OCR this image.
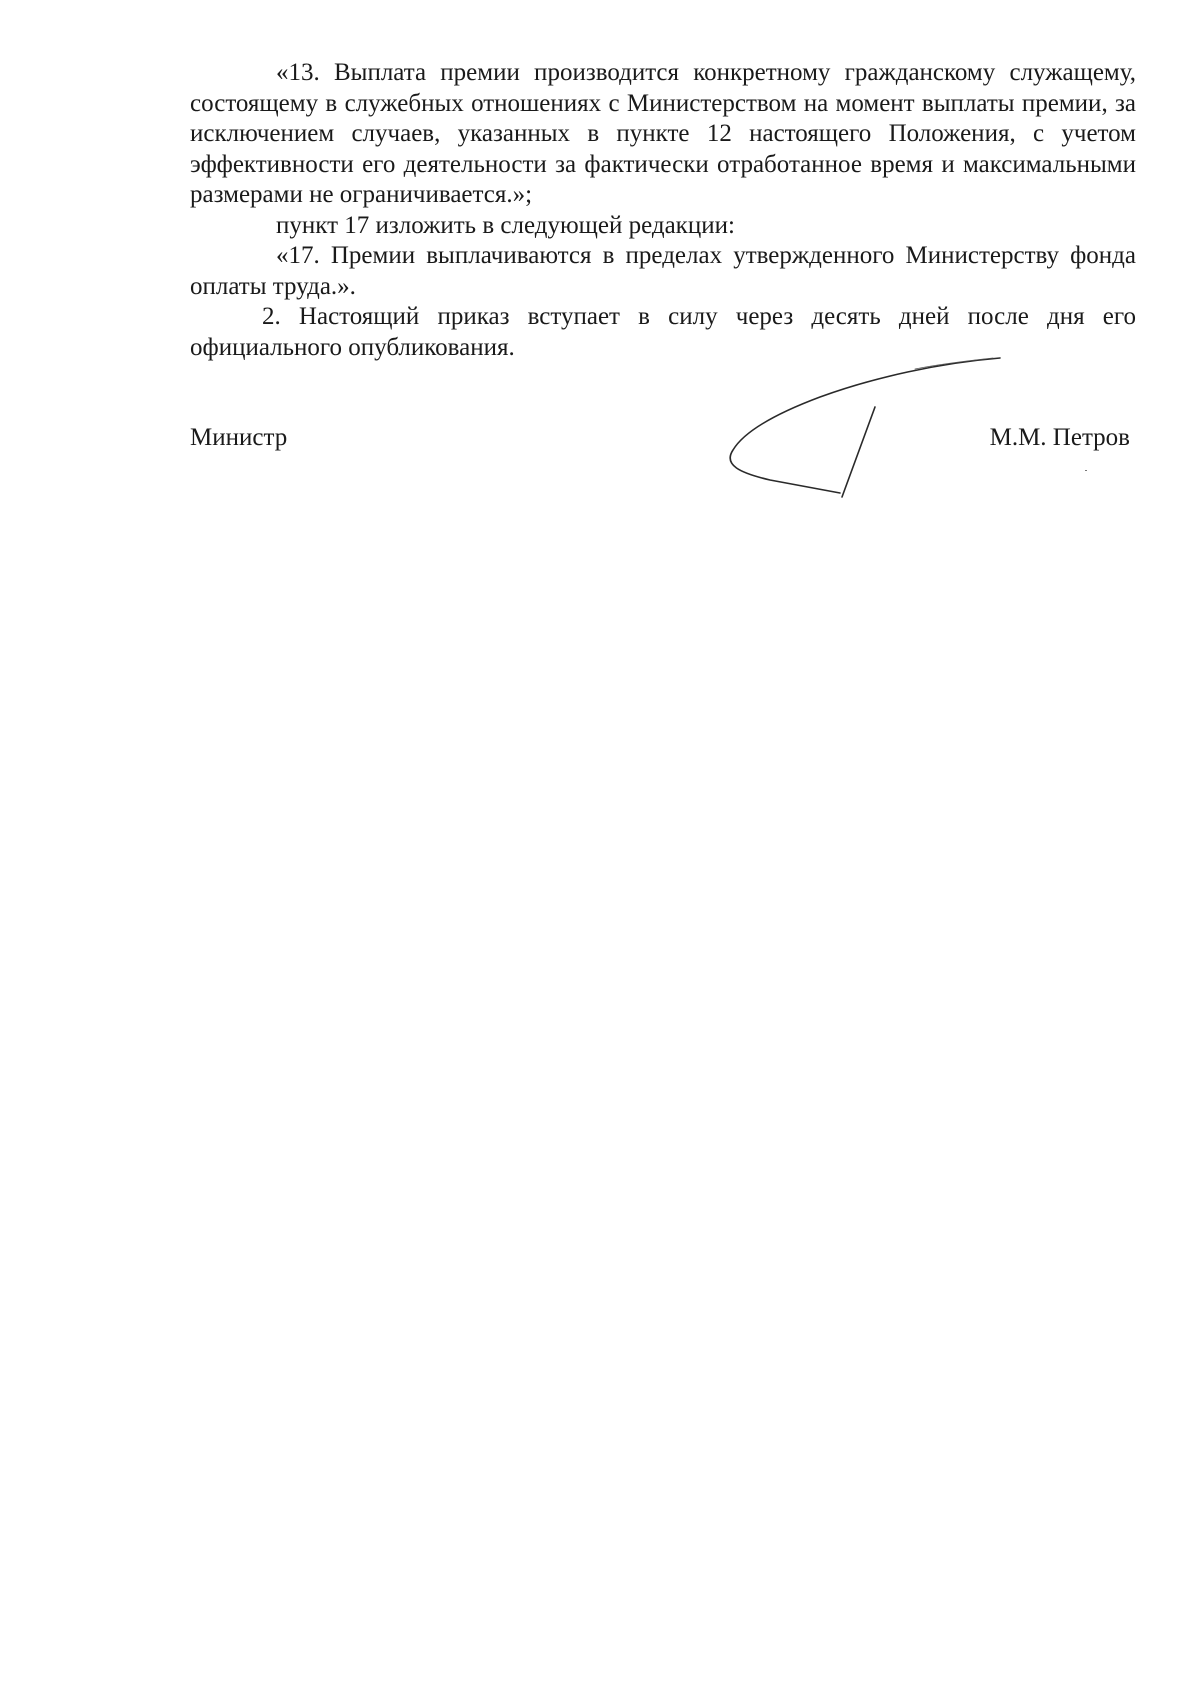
«13. Выплата премии производится конкретному гражданскому служащему, состоящему в служебных отношениях с Министерством на момент выплаты премии, за исключением случаев, указанных в пункте 12 настоящего Положения, с учетом эффективности его деятельности за фактически отработанное время и максимальными размерами не ограничивается.»;

пункт 17 изложить в следующей редакции:

«17. Премии выплачиваются в пределах утвержденного Министерству фонда оплаты труда.».

2. Настоящий приказ вступает в силу через десять дней после дня его официального опубликования.

Министр	М.М. Петров
